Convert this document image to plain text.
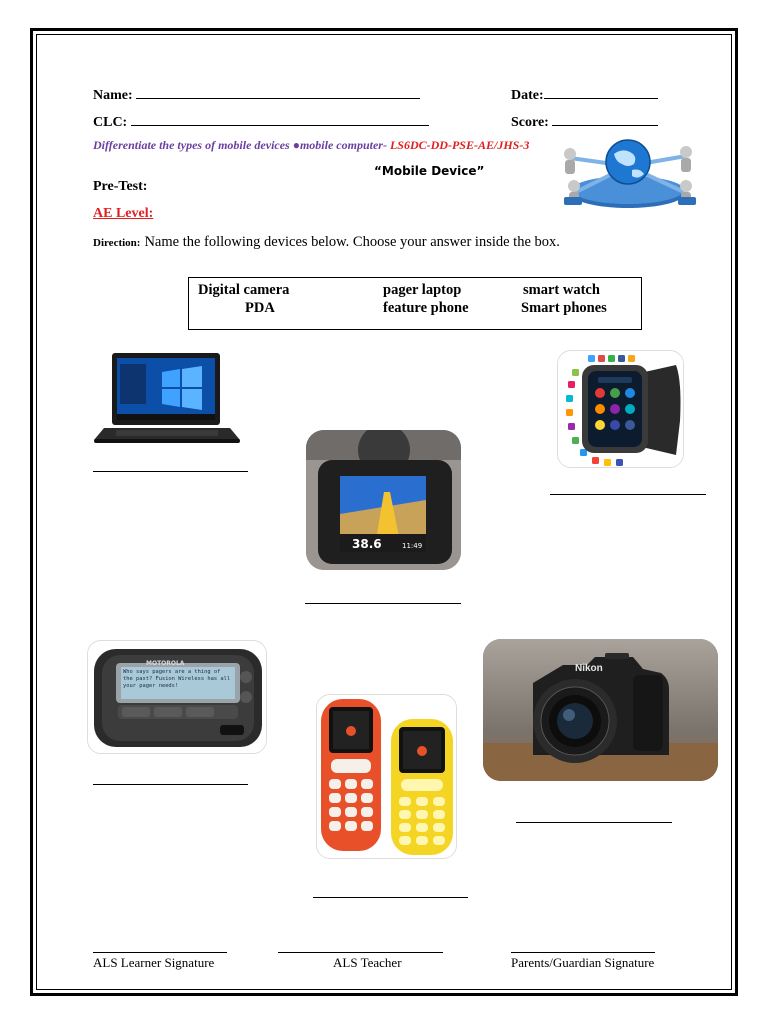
Name:	Date:
CLC:	Score:
Differentiate the types of mobile devices ●mobile computer- LS6DC-DD-PSE-AE/JHS-3
“Mobile Device”
Pre-Test:
AE Level:
Direction: Name the following devices below. Choose your answer inside the box.
Digital camera	pager laptop	smart watch
PDA	feature phone	Smart phones
38.6	11:49
MOTOROLA
Who says pagers are a thing of the past? Fusion Wireless has all your pager needs!
Nikon
ALS Learner Signature	ALS Teacher	Parents/Guardian Signature
